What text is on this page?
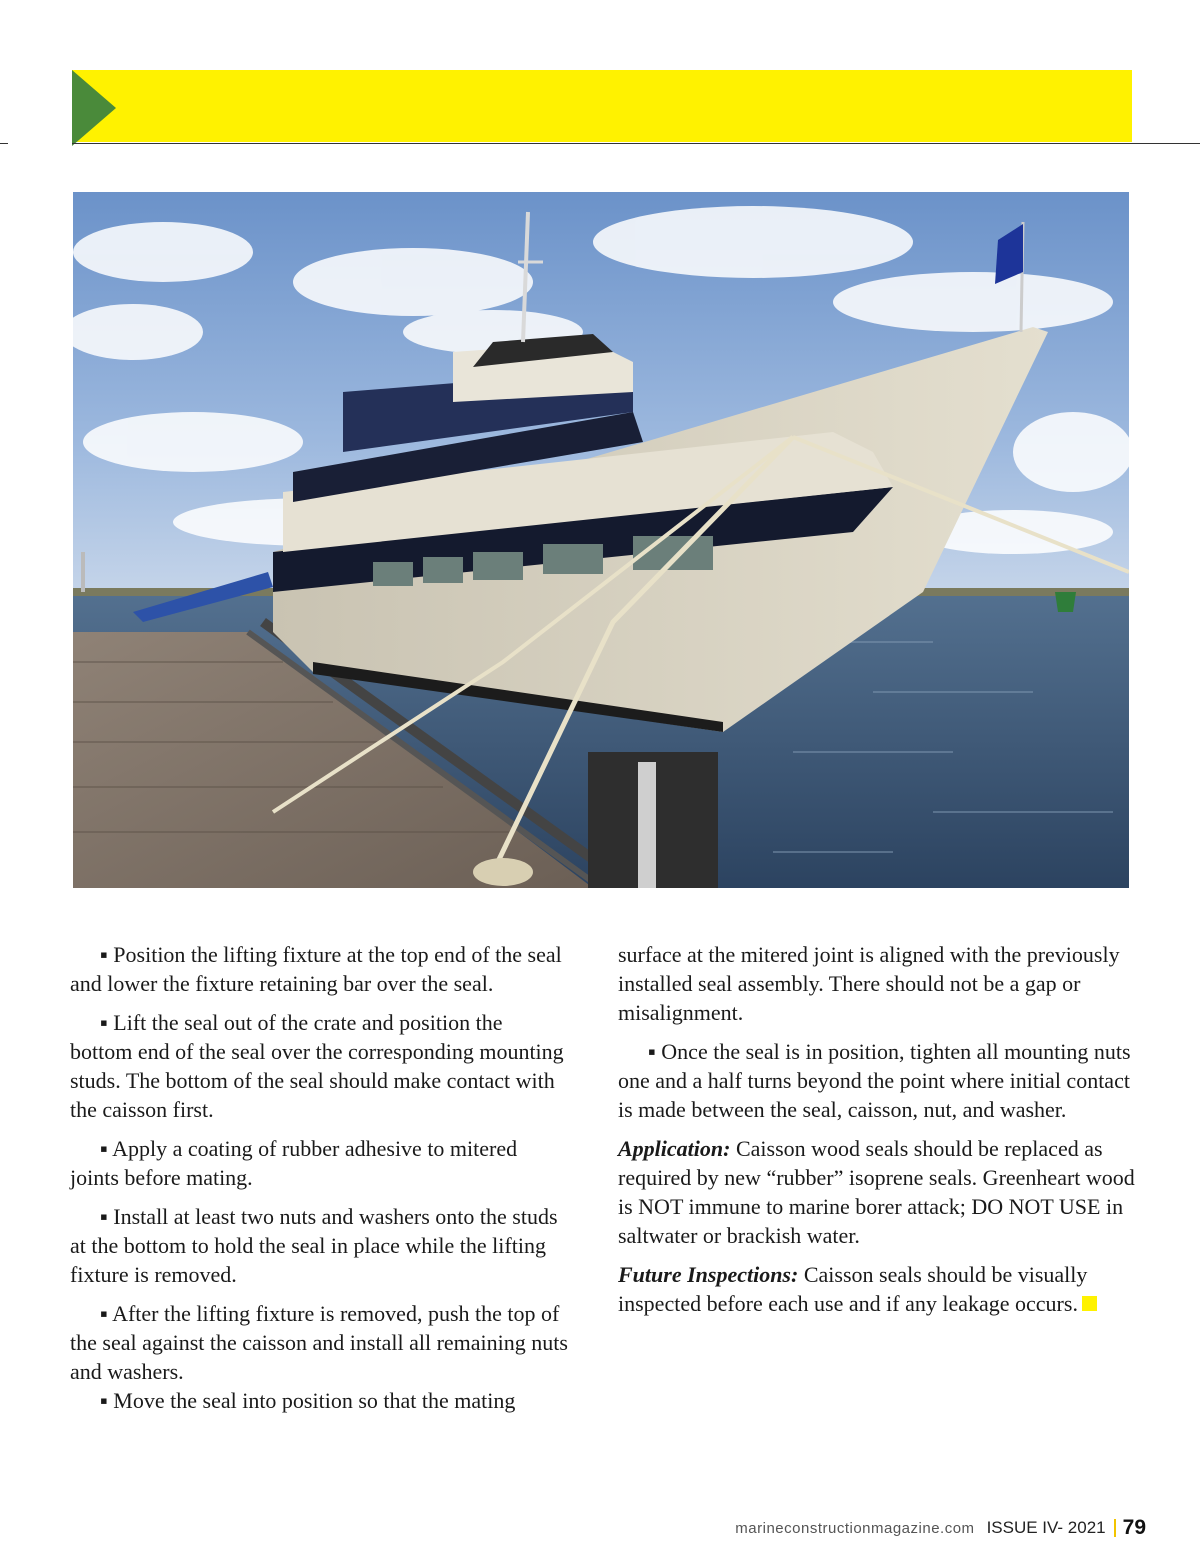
▪ Position the lifting fixture at the top end of the seal and lower the fixture retaining bar over the seal.

▪ Lift the seal out of the crate and position the bottom end of the seal over the corresponding mounting studs. The bottom of the seal should make contact with the caisson first.

▪ Apply a coating of rubber adhesive to mitered joints before mating.

▪ Install at least two nuts and washers onto the studs at the bottom to hold the seal in place while the lifting fixture is removed.

▪ After the lifting fixture is removed, push the top of the seal against the caisson and install all remaining nuts and washers.

▪ Move the seal into position so that the mating

surface at the mitered joint is aligned with the previously installed seal assembly. There should not be a gap or misalignment.

▪ Once the seal is in position, tighten all mounting nuts one and a half turns beyond the point where initial contact is made between the seal, caisson, nut, and washer.

Application: Caisson wood seals should be replaced as required by new “rubber” isoprene seals. Greenheart wood is NOT immune to marine borer attack; DO NOT USE in saltwater or brackish water.

Future Inspections: Caisson seals should be visually inspected before each use and if any leakage occurs.

marineconstructionmagazine.com ISSUE IV- 2021 79
